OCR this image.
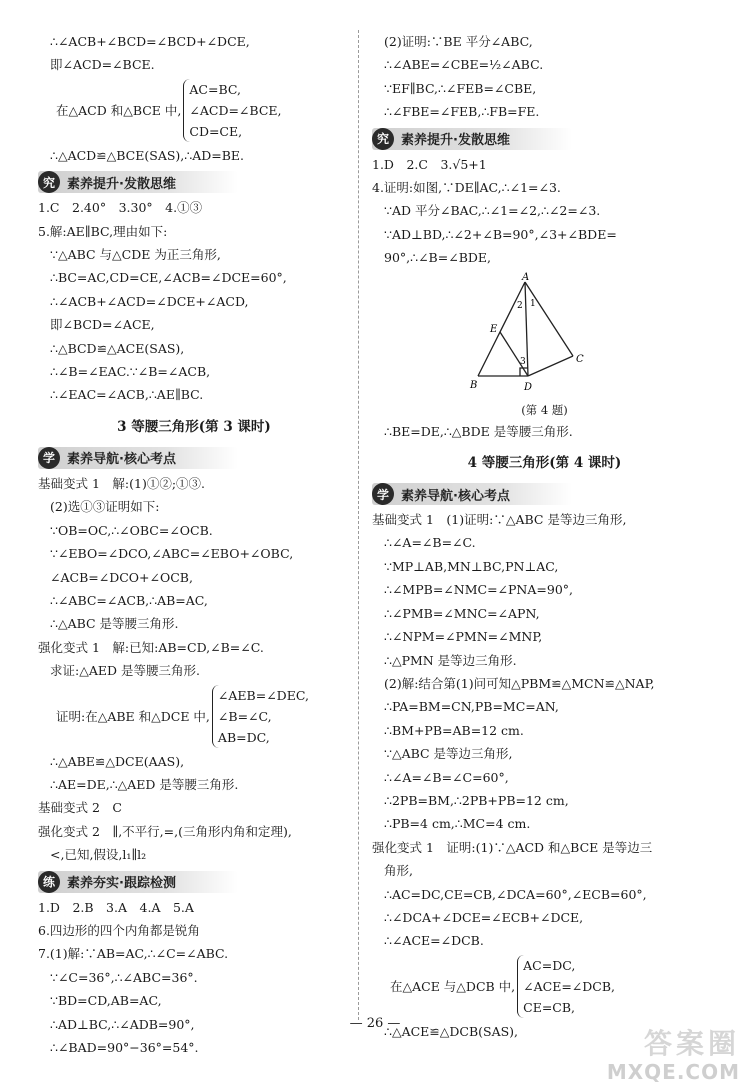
∴∠ACB+∠BCD=∠BCD+∠DCE,
即∠ACD=∠BCE.
在△ACD 和△BCE 中,
AC=BC,
∠ACD=∠BCE,
CD=CE,
∴△ACD≌△BCE(SAS),∴AD=BE.
究 素养提升·发散思维
1.C　2.40°　3.30°　4.①③
5.解:AE∥BC,理由如下:
∵△ABC 与△CDE 为正三角形,
∴BC=AC,CD=CE,∠ACB=∠DCE=60°,
∴∠ACB+∠ACD=∠DCE+∠ACD,
即∠BCD=∠ACE,
∴△BCD≌△ACE(SAS),
∴∠B=∠EAC.∵∠B=∠ACB,
∴∠EAC=∠ACB,∴AE∥BC.
3 等腰三角形(第 3 课时)
学 素养导航·核心考点
基础变式 1　解:(1)①②;①③.
(2)选①③证明如下:
∵OB=OC,∴∠OBC=∠OCB.
∵∠EBO=∠DCO,∠ABC=∠EBO+∠OBC,
∠ACB=∠DCO+∠OCB,
∴∠ABC=∠ACB,∴AB=AC,
∴△ABC 是等腰三角形.
强化变式 1　解:已知:AB=CD,∠B=∠C.
求证:△AED 是等腰三角形.
证明:在△ABE 和△DCE 中,
∠AEB=∠DEC,
∠B=∠C,
AB=DC,
∴△ABE≌△DCE(AAS),
∴AE=DE,∴△AED 是等腰三角形.
基础变式 2　C
强化变式 2　∥,不平行,=,(三角形内角和定理),
<,已知,假设,l₁∥l₂
练 素养夯实·跟踪检测
1.D　2.B　3.A　4.A　5.A
6.四边形的四个内角都是锐角
7.(1)解:∵AB=AC,∴∠C=∠ABC.
∵∠C=36°,∴∠ABC=36°.
∵BD=CD,AB=AC,
∴AD⊥BC,∴∠ADB=90°,
∴∠BAD=90°−36°=54°.
(2)证明:∵BE 平分∠ABC,
∴∠ABE=∠CBE=½∠ABC.
∵EF∥BC,∴∠FEB=∠CBE,
∴∠FBE=∠FEB,∴FB=FE.
究 素养提升·发散思维
1.D　2.C　3.√5+1
4.证明:如图,∵DE∥AC,∴∠1=∠3.
∵AD 平分∠BAC,∴∠1=∠2,∴∠2=∠3.
∵AD⊥BD,∴∠2+∠B=90°,∠3+∠BDE=
90°,∴∠B=∠BDE,
A
B
C
D
E
1
2
3
(第 4 题)
∴BE=DE,∴△BDE 是等腰三角形.
4 等腰三角形(第 4 课时)
学 素养导航·核心考点
基础变式 1　(1)证明:∵△ABC 是等边三角形,
∴∠A=∠B=∠C.
∵MP⊥AB,MN⊥BC,PN⊥AC,
∴∠MPB=∠NMC=∠PNA=90°,
∴∠PMB=∠MNC=∠APN,
∴∠NPM=∠PMN=∠MNP,
∴△PMN 是等边三角形.
(2)解:结合第(1)问可知△PBM≌△MCN≌△NAP,
∴PA=BM=CN,PB=MC=AN,
∴BM+PB=AB=12 cm.
∵△ABC 是等边三角形,
∴∠A=∠B=∠C=60°,
∴2PB=BM,∴2PB+PB=12 cm,
∴PB=4 cm,∴MC=4 cm.
强化变式 1　证明:(1)∵△ACD 和△BCE 是等边三
角形,
∴AC=DC,CE=CB,∠DCA=60°,∠ECB=60°,
∴∠DCA+∠DCE=∠ECB+∠DCE,
∴∠ACE=∠DCB.
在△ACE 与△DCB 中,
AC=DC,
∠ACE=∠DCB,
CE=CB,
∴△ACE≌△DCB(SAS),
— 26 —
答案圈
MXQE.COM
